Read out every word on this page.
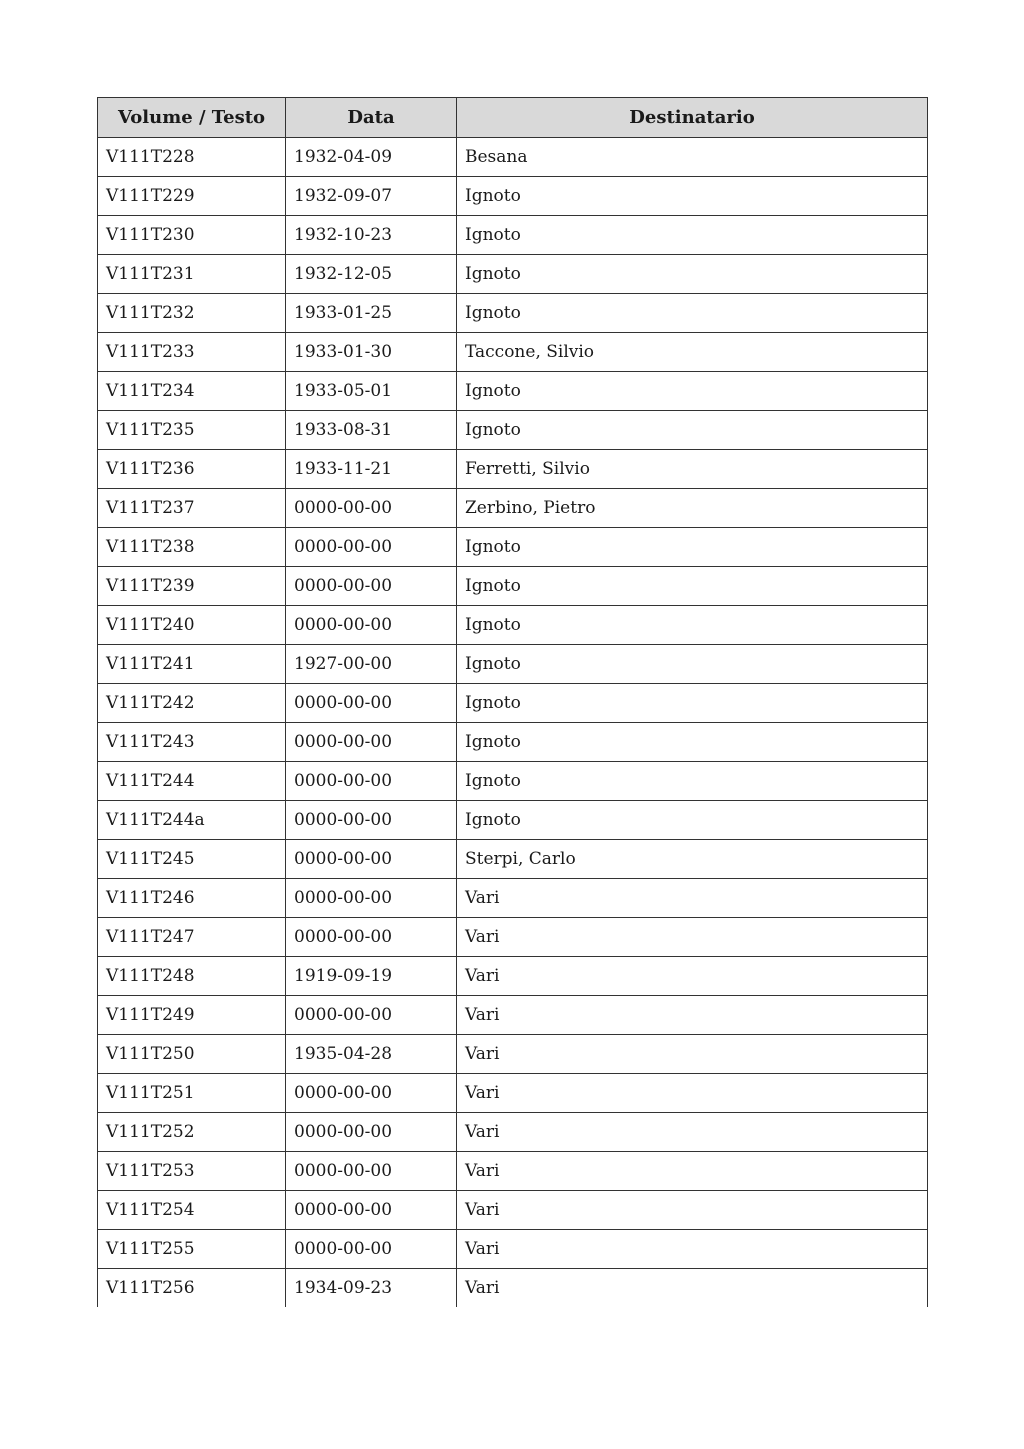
Volume / Testo	Data	Destinatario
V111T228	1932-04-09	Besana
V111T229	1932-09-07	Ignoto
V111T230	1932-10-23	Ignoto
V111T231	1932-12-05	Ignoto
V111T232	1933-01-25	Ignoto
V111T233	1933-01-30	Taccone, Silvio
V111T234	1933-05-01	Ignoto
V111T235	1933-08-31	Ignoto
V111T236	1933-11-21	Ferretti, Silvio
V111T237	0000-00-00	Zerbino, Pietro
V111T238	0000-00-00	Ignoto
V111T239	0000-00-00	Ignoto
V111T240	0000-00-00	Ignoto
V111T241	1927-00-00	Ignoto
V111T242	0000-00-00	Ignoto
V111T243	0000-00-00	Ignoto
V111T244	0000-00-00	Ignoto
V111T244a	0000-00-00	Ignoto
V111T245	0000-00-00	Sterpi, Carlo
V111T246	0000-00-00	Vari
V111T247	0000-00-00	Vari
V111T248	1919-09-19	Vari
V111T249	0000-00-00	Vari
V111T250	1935-04-28	Vari
V111T251	0000-00-00	Vari
V111T252	0000-00-00	Vari
V111T253	0000-00-00	Vari
V111T254	0000-00-00	Vari
V111T255	0000-00-00	Vari
V111T256	1934-09-23	Vari
